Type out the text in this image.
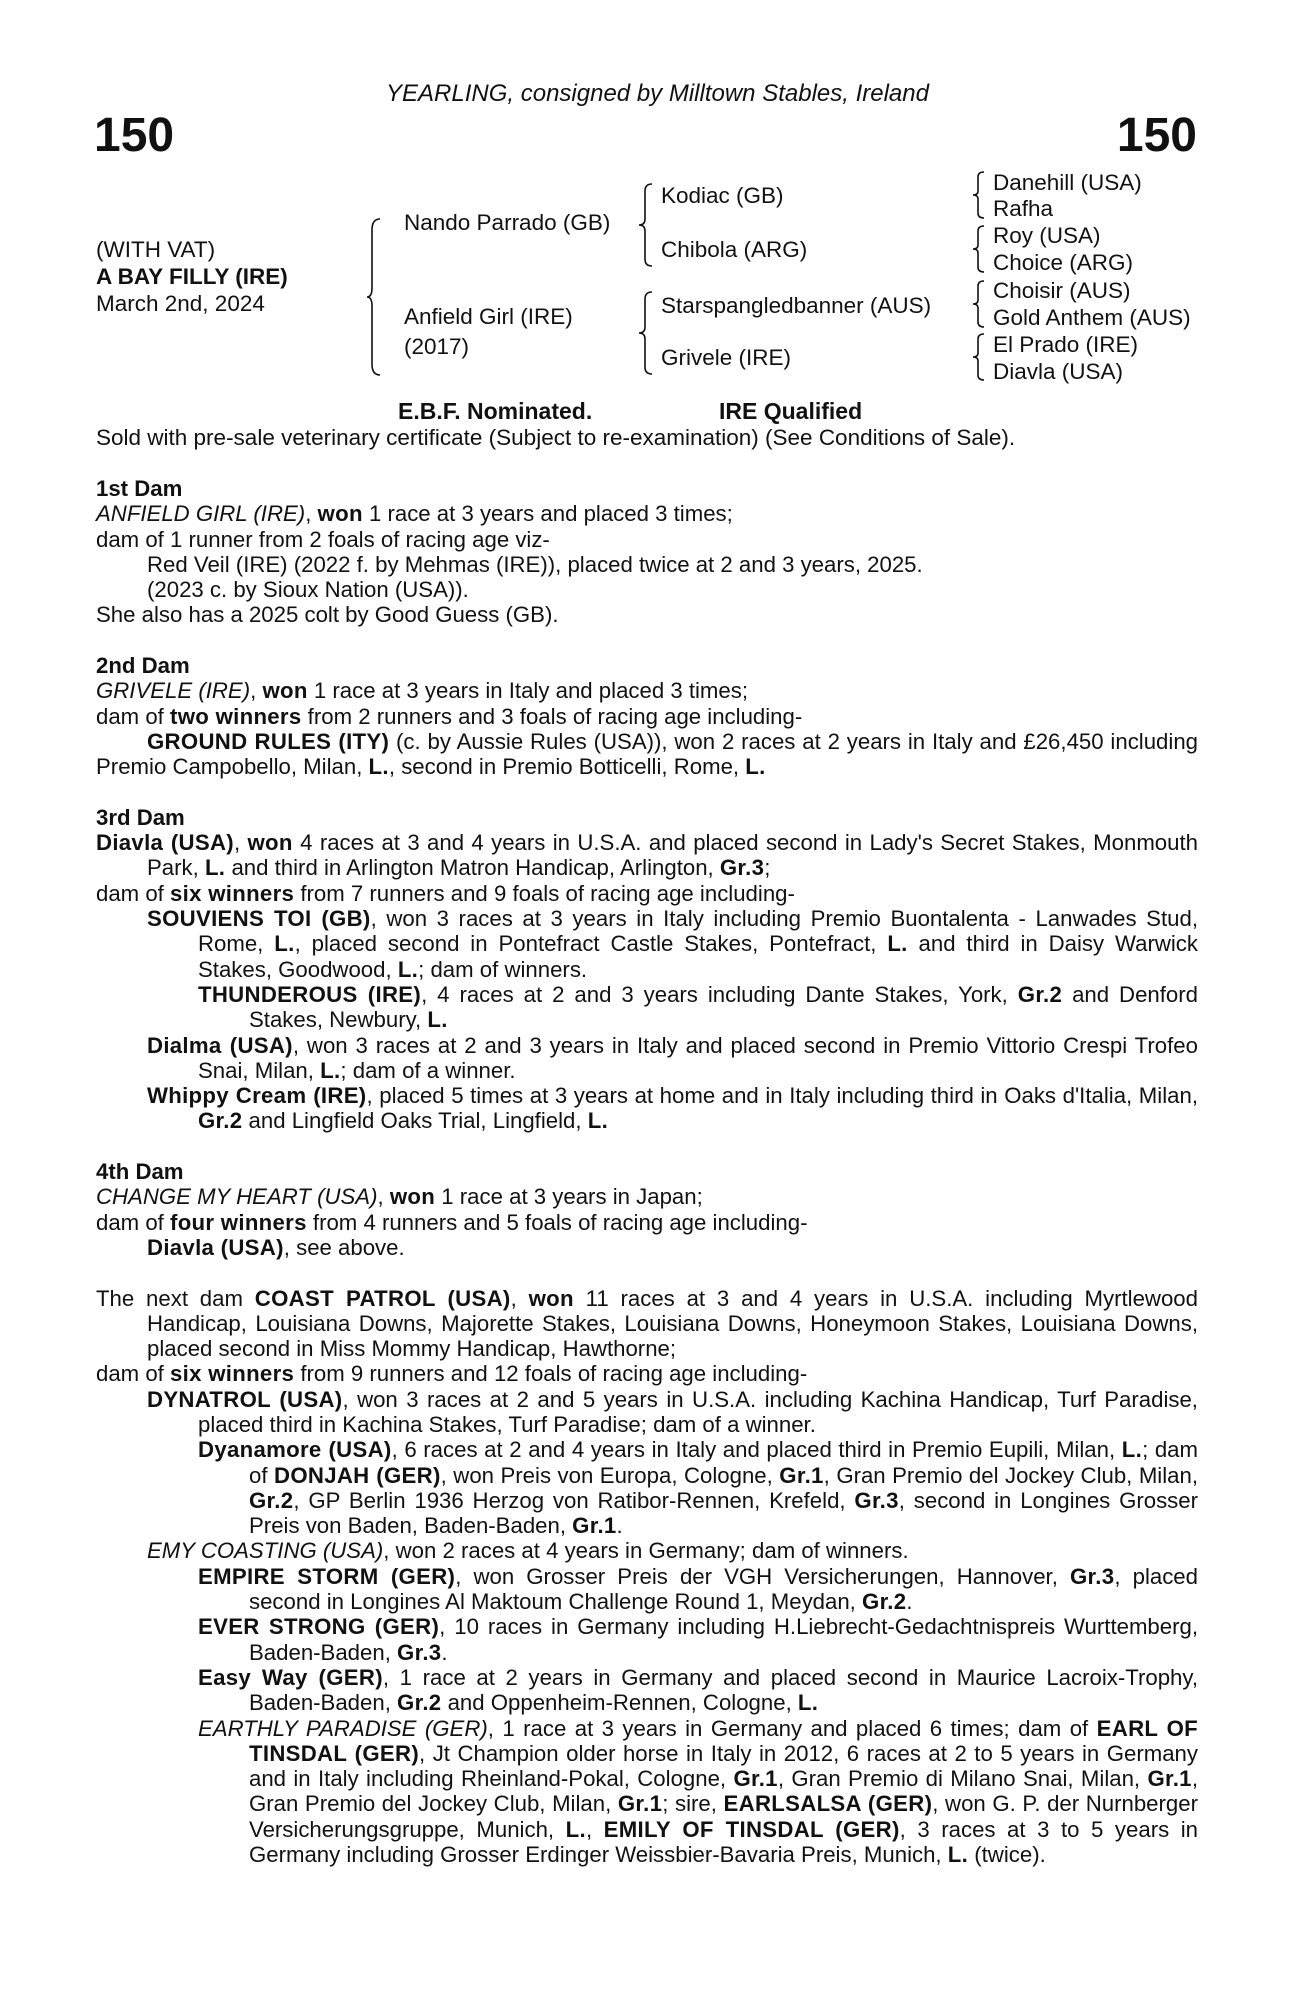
YEARLING, consigned by Milltown Stables, Ireland
150	150
(WITH VAT)
A BAY FILLY (IRE)
March 2nd, 2024
Nando Parrado (GB)
Anfield Girl (IRE)
(2017)
Kodiac (GB)
Chibola (ARG)
Starspangledbanner (AUS)
Grivele (IRE)
Danehill (USA)
Rafha
Roy (USA)
Choice (ARG)
Choisir (AUS)
Gold Anthem (AUS)
El Prado (IRE)
Diavla (USA)
E.B.F. Nominated.	IRE Qualified
Sold with pre-sale veterinary certificate (Subject to re-examination) (See Conditions of Sale).
1st Dam
ANFIELD GIRL (IRE), won 1 race at 3 years and placed 3 times;
dam of 1 runner from 2 foals of racing age viz-
Red Veil (IRE) (2022 f. by Mehmas (IRE)), placed twice at 2 and 3 years, 2025.
(2023 c. by Sioux Nation (USA)).
She also has a 2025 colt by Good Guess (GB).
2nd Dam
GRIVELE (IRE), won 1 race at 3 years in Italy and placed 3 times;
dam of two winners from 2 runners and 3 foals of racing age including-
GROUND RULES (ITY) (c. by Aussie Rules (USA)), won 2 races at 2 years in Italy and £26,450 including Premio Campobello, Milan, L., second in Premio Botticelli, Rome, L.
3rd Dam
Diavla (USA), won 4 races at 3 and 4 years in U.S.A. and placed second in Lady's Secret Stakes, Monmouth Park, L. and third in Arlington Matron Handicap, Arlington, Gr.3;
dam of six winners from 7 runners and 9 foals of racing age including-
SOUVIENS TOI (GB), won 3 races at 3 years in Italy including Premio Buontalenta - Lanwades Stud, Rome, L., placed second in Pontefract Castle Stakes, Pontefract, L. and third in Daisy Warwick Stakes, Goodwood, L.; dam of winners.
THUNDEROUS (IRE), 4 races at 2 and 3 years including Dante Stakes, York, Gr.2 and Denford Stakes, Newbury, L.
Dialma (USA), won 3 races at 2 and 3 years in Italy and placed second in Premio Vittorio Crespi Trofeo Snai, Milan, L.; dam of a winner.
Whippy Cream (IRE), placed 5 times at 3 years at home and in Italy including third in Oaks d'Italia, Milan, Gr.2 and Lingfield Oaks Trial, Lingfield, L.
4th Dam
CHANGE MY HEART (USA), won 1 race at 3 years in Japan;
dam of four winners from 4 runners and 5 foals of racing age including-
Diavla (USA), see above.
The next dam COAST PATROL (USA), won 11 races at 3 and 4 years in U.S.A. including Myrtlewood Handicap, Louisiana Downs, Majorette Stakes, Louisiana Downs, Honeymoon Stakes, Louisiana Downs, placed second in Miss Mommy Handicap, Hawthorne;
dam of six winners from 9 runners and 12 foals of racing age including-
DYNATROL (USA), won 3 races at 2 and 5 years in U.S.A. including Kachina Handicap, Turf Paradise, placed third in Kachina Stakes, Turf Paradise; dam of a winner.
Dyanamore (USA), 6 races at 2 and 4 years in Italy and placed third in Premio Eupili, Milan, L.; dam of DONJAH (GER), won Preis von Europa, Cologne, Gr.1, Gran Premio del Jockey Club, Milan, Gr.2, GP Berlin 1936 Herzog von Ratibor-Rennen, Krefeld, Gr.3, second in Longines Grosser Preis von Baden, Baden-Baden, Gr.1.
EMY COASTING (USA), won 2 races at 4 years in Germany; dam of winners.
EMPIRE STORM (GER), won Grosser Preis der VGH Versicherungen, Hannover, Gr.3, placed second in Longines Al Maktoum Challenge Round 1, Meydan, Gr.2.
EVER STRONG (GER), 10 races in Germany including H.Liebrecht-Gedachtnispreis Wurttemberg, Baden-Baden, Gr.3.
Easy Way (GER), 1 race at 2 years in Germany and placed second in Maurice Lacroix-Trophy, Baden-Baden, Gr.2 and Oppenheim-Rennen, Cologne, L.
EARTHLY PARADISE (GER), 1 race at 3 years in Germany and placed 6 times; dam of EARL OF TINSDAL (GER), Jt Champion older horse in Italy in 2012, 6 races at 2 to 5 years in Germany and in Italy including Rheinland-Pokal, Cologne, Gr.1, Gran Premio di Milano Snai, Milan, Gr.1, Gran Premio del Jockey Club, Milan, Gr.1; sire, EARLSALSA (GER), won G. P. der Nurnberger Versicherungsgruppe, Munich, L., EMILY OF TINSDAL (GER), 3 races at 3 to 5 years in Germany including Grosser Erdinger Weissbier-Bavaria Preis, Munich, L. (twice).
